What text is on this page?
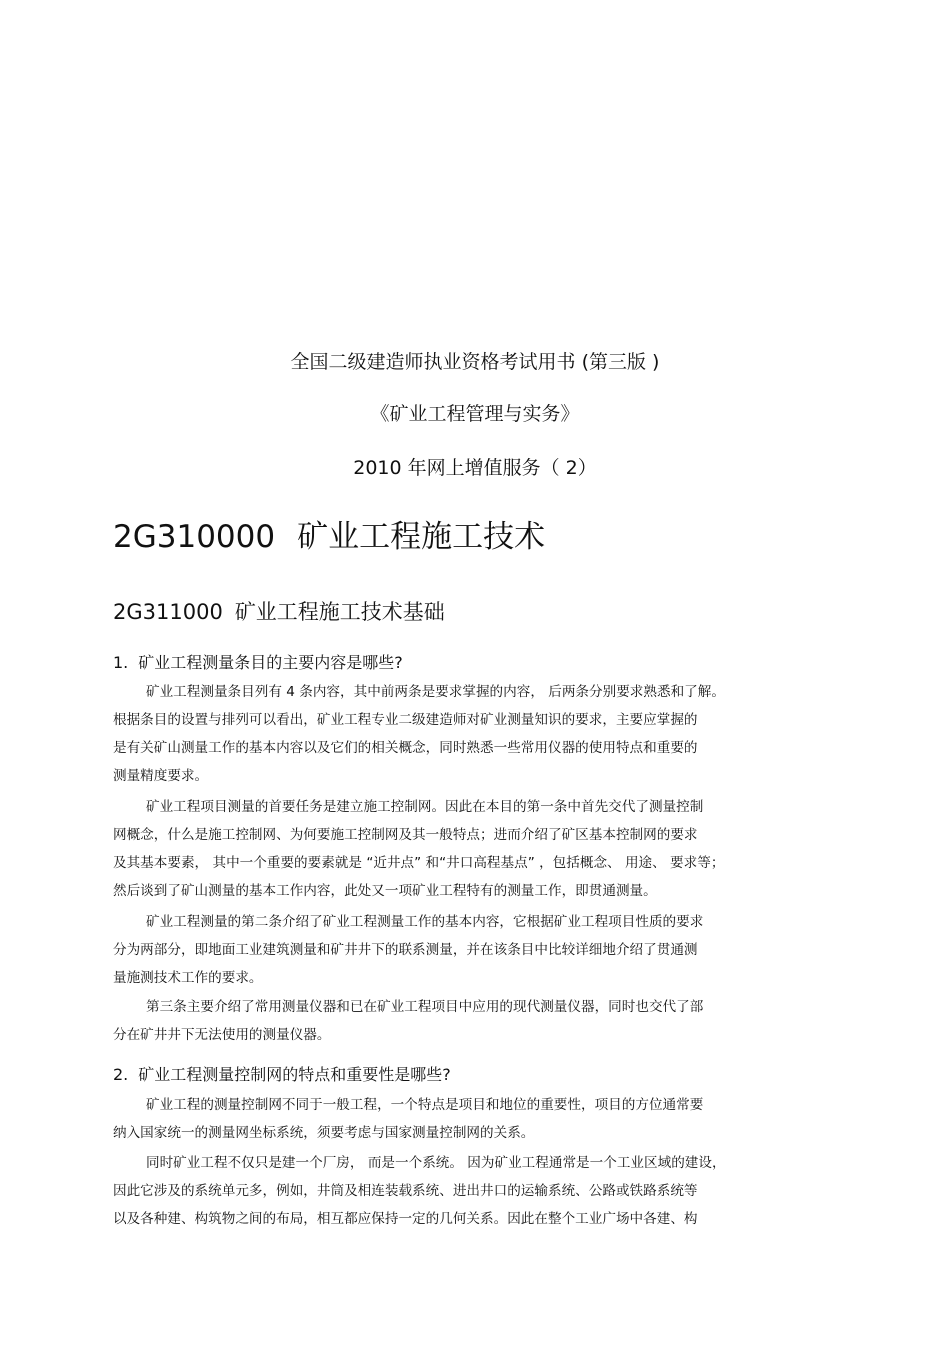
全国二级建造师执业资格考试用书 (第三版 )
《矿业工程管理与实务》
2010 年网上增值服务（ 2）
2G310000 矿业工程施工技术
2G311000 矿业工程施工技术基础
1. 矿业工程测量条目的主要内容是哪些?
矿业工程测量条目列有 4 条内容，其中前两条是要求掌握的内容， 后两条分别要求熟悉和了解。
根据条目的设置与排列可以看出，矿业工程专业二级建造师对矿业测量知识的要求，主要应掌握的
是有关矿山测量工作的基本内容以及它们的相关概念，同时熟悉一些常用仪器的使用特点和重要的
测量精度要求。
矿业工程项目测量的首要任务是建立施工控制网。因此在本目的第一条中首先交代了测量控制
网概念，什么是施工控制网、为何要施工控制网及其一般特点；进而介绍了矿区基本控制网的要求
及其基本要素， 其中一个重要的要素就是 “近井点” 和“井口高程基点” ，包括概念、 用途、 要求等；
然后谈到了矿山测量的基本工作内容，此处又一项矿业工程特有的测量工作，即贯通测量。
矿业工程测量的第二条介绍了矿业工程测量工作的基本内容，它根据矿业工程项目性质的要求
分为两部分，即地面工业建筑测量和矿井井下的联系测量，并在该条目中比较详细地介绍了贯通测
量施测技术工作的要求。
第三条主要介绍了常用测量仪器和已在矿业工程项目中应用的现代测量仪器，同时也交代了部
分在矿井井下无法使用的测量仪器。
2. 矿业工程测量控制网的特点和重要性是哪些?
矿业工程的测量控制网不同于一般工程，一个特点是项目和地位的重要性，项目的方位通常要
纳入国家统一的测量网坐标系统，须要考虑与国家测量控制网的关系。
同时矿业工程不仅只是建一个厂房， 而是一个系统。 因为矿业工程通常是一个工业区域的建设，
因此它涉及的系统单元多，例如，井筒及相连装载系统、进出井口的运输系统、公路或铁路系统等
以及各种建、构筑物之间的布局，相互都应保持一定的几何关系。因此在整个工业广场中各建、构
